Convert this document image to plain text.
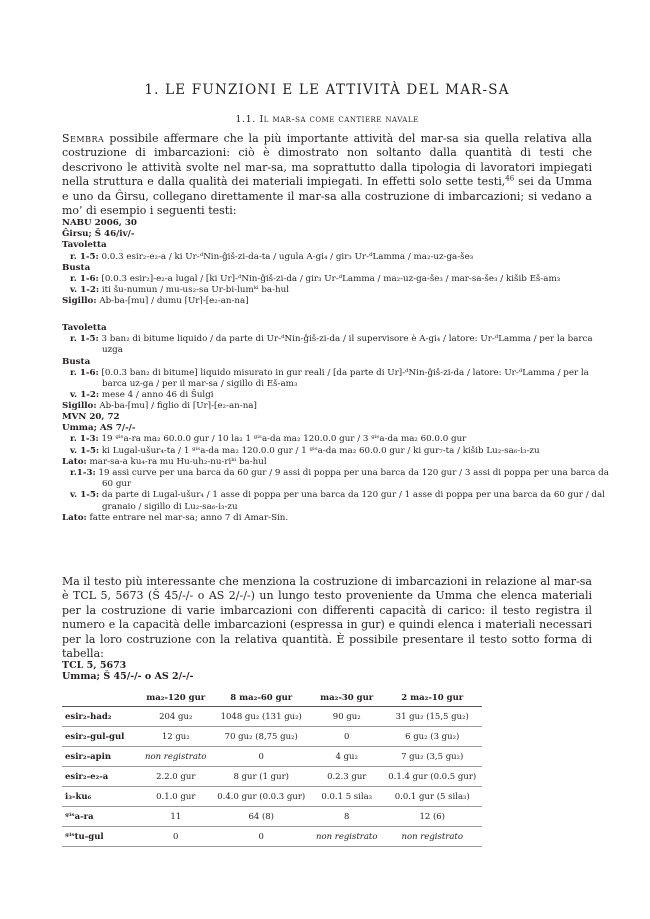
1. LE FUNZIONI E LE ATTIVITÀ DEL MAR-SA
1.1. Il mar-sa come cantiere navale
Sembra possibile affermare che la più importante attività del mar-sa sia quella relativa alla costruzione di imbarcazioni: ciò è dimostrato non soltanto dalla quantità di testi che descrivono le attività svolte nel mar-sa, ma soprattutto dalla tipologia di lavoratori impiegati nella struttura e dalla qualità dei materiali impiegati. In effetti solo sette testi,$^{46}$ sei da Umma e uno da Ĝirsu, collegano direttamente il mar-sa alla costruzione di imbarcazioni; si vedano a mo’ di esempio i seguenti testi:
NABU 2006, 30
Ĝirsu; Š 46/iv/-
Tavoletta
r. 1-5: 0.0.3 esir₂-e₂-a / ki Ur-ᵈNin-ĝiš-zi-da-ta / ugula A-gi₄ / gir₃ Ur-ᵈLamma / ma₂-uz-ga-še₃
Busta
r. 1-6: [0.0.3 esir₂]-e₂-a lugal / [ki Ur]-ᵈNin-ĝiš-zi-da / gir₃ Ur-ᵈLamma / ma₂-uz-ga-še₃ / mar-sa-še₃ / kišib Eš-am₃
v. 1-2: iti šu-numun / mu-us₂-sa Ur-bi-lumᵏⁱ ba-hul
Sigillo: Ab-ba-⌈mu⌉ / dumu ⌈Ur⌉-[e₂-an-na]
Tavoletta
r. 1-5: 3 ban₂ di bitume liquido / da parte di Ur-ᵈNin-ĝiš-zi-da / il supervisore è A-gi₄ / latore: Ur-ᵈLamma / per la barca
uzga
Busta
r. 1-6: [0.0.3 ban₂ di bitume] liquido misurato in gur reali / [da parte di Ur]-ᵈNin-ĝiš-zi-da / latore: Ur-ᵈLamma / per la
barca uz-ga / per il mar-sa / sigillo di Eš-am₃
v. 1-2: mese 4 / anno 46 di Šulgi
Sigillo: Ab-ba-⌈mu⌉ / figlio di ⌈Ur⌉-[e₂-an-na]
MVN 20, 72
Umma; AS 7/-/-
r. 1-3: 19 ᵍⁱˢa-ra ma₂ 60.0.0 gur / 10 la₂ 1 ᵍⁱˢa-da ma₂ 120.0.0 gur / 3 ᵍⁱˢa-da ma₂ 60.0.0 gur
v. 1-5: ki Lugal-ušur₄-ta / 1 ᵍⁱˢa-da ma₂ 120.0.0 gur / 1 ᵍⁱˢa-da ma₂ 60.0.0 gur / ki gur₇-ta / kišib Lu₂-sa₆-i₃-zu
Lato: mar-sa-a ku₄-ra mu Hu-uh₂-nu-riᵏⁱ ba-hul
r.1-3: 19 assi curve per una barca da 60 gur / 9 assi di poppa per una barca da 120 gur / 3 assi di poppa per una barca da
60 gur
v. 1-5: da parte di Lugal-ušur₄ / 1 asse di poppa per una barca da 120 gur / 1 asse di poppa per una barca da 60 gur / dal
granaio / sigillo di Lu₂-sa₆-i₃-zu
Lato: fatte entrare nel mar-sa; anno 7 di Amar-Sin.
Ma il testo più interessante che menziona la costruzione di imbarcazioni in relazione al mar-sa è TCL 5, 5673 (Š 45/-/- o AS 2/-/-) un lungo testo proveniente da Umma che elenca materiali per la costruzione di varie imbarcazioni con differenti capacità di carico: il testo registra il numero e la capacità delle imbarcazioni (espressa in gur) e quindi elenca i materiali necessari per la loro costruzione con la relativa quantità. È possibile presentare il testo sotto forma di tabella:
TCL 5, 5673
Umma; Š 45/-/- o AS 2/-/-
	ma₂-120 gur	8 ma₂-60 gur	ma₂-30 gur	2 ma₂-10 gur
esir₂-had₂	204 gu₂	1048 gu₂ (131 gu₂)	90 gu₂	31 gu₂ (15,5 gu₂)
esir₂-gul-gul	12 gu₂	70 gu₂ (8,75 gu₂)	0	6 gu₂ (3 gu₂)
esir₂-apin	non registrato	0	4 gu₂	7 gu₂ (3,5 gu₂)
esir₂-e₂-a	2.2.0 gur	8 gur (1 gur)	0.2.3 gur	0.1.4 gur (0.0.5 gur)
i₃-ku₆	0.1.0 gur	0.4.0 gur (0.0.3 gur)	0.0.1 5 sila₃	0.0.1 gur (5 sila₃)
ᵍⁱˢa-ra	11	64 (8)	8	12 (6)
ᵍⁱˢtu-gul	0	0	non registrato	non registrato
